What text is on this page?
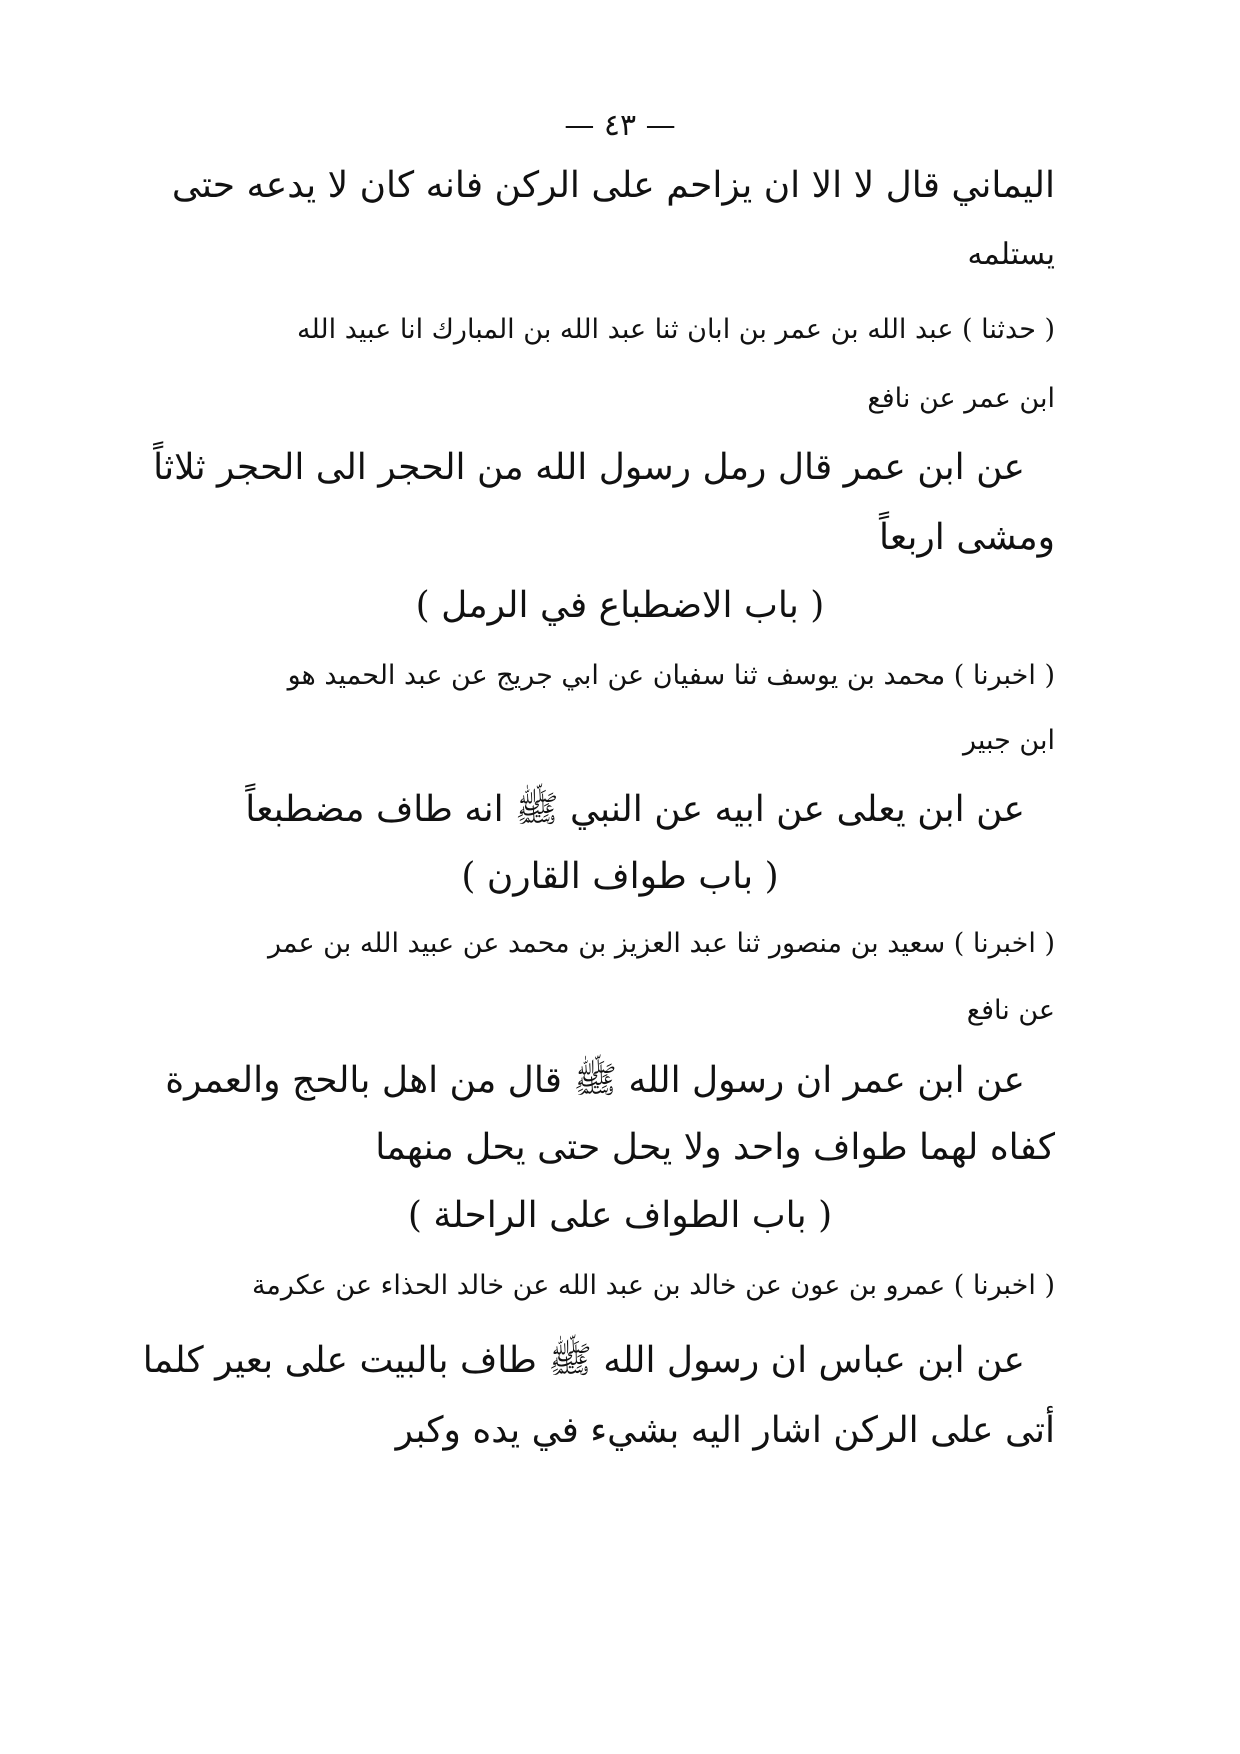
— ٤٣ —
اليماني قال لا الا ان يزاحم على الركن فانه كان لا يدعه حتى
يستلمه
( حدثنا ) عبد الله بن عمر بن ابان ثنا عبد الله بن المبارك انا عبيد الله
ابن عمر عن نافع
عن ابن عمر قال رمل رسول الله من الحجر الى الحجر ثلاثاً
ومشى اربعاً
( باب الاضطباع في الرمل )
( اخبرنا ) محمد بن يوسف ثنا سفيان عن ابي جريج عن عبد الحميد هو
ابن جبير
عن ابن يعلى عن ابيه عن النبي ﷺ انه طاف مضطبعاً
( باب طواف القارن )
( اخبرنا ) سعيد بن منصور ثنا عبد العزيز بن محمد عن عبيد الله بن عمر
عن نافع
عن ابن عمر ان رسول الله ﷺ قال من اهل بالحج والعمرة
كفاه لهما طواف واحد ولا يحل حتى يحل منهما
( باب الطواف على الراحلة )
( اخبرنا ) عمرو بن عون عن خالد بن عبد الله عن خالد الحذاء عن عكرمة
عن ابن عباس ان رسول الله ﷺ طاف بالبيت على بعير كلما
أتى على الركن اشار اليه بشيء في يده وكبر
